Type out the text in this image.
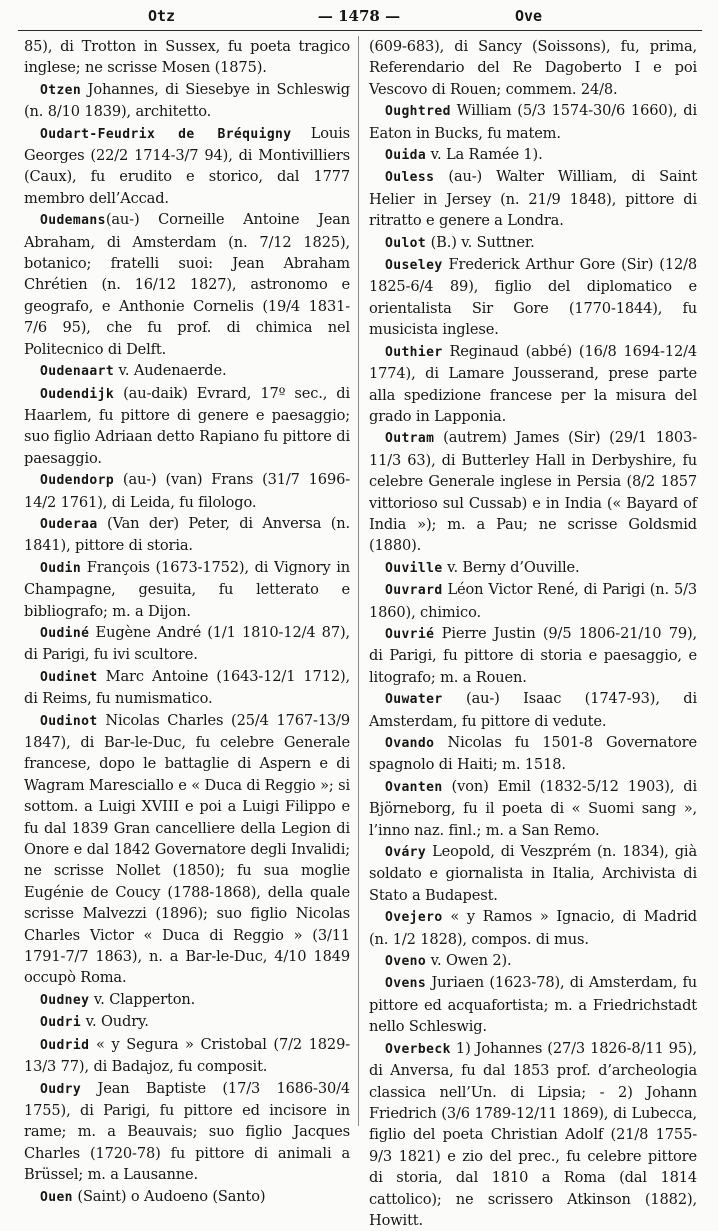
Otz	— 1478 —	Ove

85), di Trotton in Sussex, fu poeta tragico inglese; ne scrisse Mosen (1875).

Otzen Johannes, di Siesebye in Schleswig (n. 8/10 1839), architetto.

Oudart-Feudrix de Bréquigny Louis Georges (22/2 1714-3/7 94), di Montivilliers (Caux), fu erudito e storico, dal 1777 membro dell’Accad.

Oudemans(au-) Corneille Antoine Jean Abraham, di Amsterdam (n. 7/12 1825), botanico; fratelli suoi: Jean Abraham Chrétien (n. 16/12 1827), astronomo e geografo, e Anthonie Cornelis (19/4 1831-7/6 95), che fu prof. di chimica nel Politecnico di Delft.

Oudenaart v. Audenaerde.

Oudendijk (au-daik) Evrard, 17º sec., di Haarlem, fu pittore di genere e paesaggio; suo figlio Adriaan detto Rapiano fu pittore di paesaggio.

Oudendorp (au-) (van) Frans (31/7 1696-14/2 1761), di Leida, fu filologo.

Ouderaa (Van der) Peter, di Anversa (n. 1841), pittore di storia.

Oudin François (1673-1752), di Vignory in Champagne, gesuita, fu letterato e bibliografo; m. a Dijon.

Oudiné Eugène André (1/1 1810-12/4 87), di Parigi, fu ivi scultore.

Oudinet Marc Antoine (1643-12/1 1712), di Reims, fu numismatico.

Oudinot Nicolas Charles (25/4 1767-13/9 1847), di Bar-le-Duc, fu celebre Generale francese, dopo le battaglie di Aspern e di Wagram Maresciallo e « Duca di Reggio »; si sottom. a Luigi XVIII e poi a Luigi Filippo e fu dal 1839 Gran cancelliere della Legion di Onore e dal 1842 Governatore degli Invalidi; ne scrisse Nollet (1850); fu sua moglie Eugénie de Coucy (1788-1868), della quale scrisse Malvezzi (1896); suo figlio Nicolas Charles Victor « Duca di Reggio » (3/11 1791-7/7 1863), n. a Bar-le-Duc, 4/10 1849 occupò Roma.

Oudney v. Clapperton.

Oudri v. Oudry.

Oudrid « y Segura » Cristobal (7/2 1829-13/3 77), di Badajoz, fu composit.

Oudry Jean Baptiste (17/3 1686-30/4 1755), di Parigi, fu pittore ed incisore in rame; m. a Beauvais; suo figlio Jacques Charles (1720-78) fu pittore di animali a Brüssel; m. a Lausanne.

Ouen (Saint) o Audoeno (Santo)

(609-683), di Sancy (Soissons), fu, prima, Referendario del Re Dagoberto I e poi Vescovo di Rouen; commem. 24/8.

Oughtred William (5/3 1574-30/6 1660), di Eaton in Bucks, fu matem.

Ouida v. La Ramée 1).

Ouless (au-) Walter William, di Saint Helier in Jersey (n. 21/9 1848), pittore di ritratto e genere a Londra.

Oulot (B.) v. Suttner.

Ouseley Frederick Arthur Gore (Sir) (12/8 1825-6/4 89), figlio del diplomatico e orientalista Sir Gore (1770-1844), fu musicista inglese.

Outhier Reginaud (abbé) (16/8 1694-12/4 1774), di Lamare Jousserand, prese parte alla spedizione francese per la misura del grado in Lapponia.

Outram (autrem) James (Sir) (29/1 1803-11/3 63), di Butterley Hall in Derbyshire, fu celebre Generale inglese in Persia (8/2 1857 vittorioso sul Cussab) e in India (« Bayard of India »); m. a Pau; ne scrisse Goldsmid (1880).

Ouville v. Berny d’Ouville.

Ouvrard Léon Victor René, di Parigi (n. 5/3 1860), chimico.

Ouvrié Pierre Justin (9/5 1806-21/10 79), di Parigi, fu pittore di storia e paesaggio, e litografo; m. a Rouen.

Ouwater (au-) Isaac (1747-93), di Amsterdam, fu pittore di vedute.

Ovando Nicolas fu 1501-8 Governatore spagnolo di Haiti; m. 1518.

Ovanten (von) Emil (1832-5/12 1903), di Björneborg, fu il poeta di « Suomi sang », l’inno naz. finl.; m. a San Remo.

Ováry Leopold, di Veszprém (n. 1834), già soldato e giornalista in Italia, Archivista di Stato a Budapest.

Ovejero « y Ramos » Ignacio, di Madrid (n. 1/2 1828), compos. di mus.

Oveno v. Owen 2).

Ovens Juriaen (1623-78), di Amsterdam, fu pittore ed acquafortista; m. a Friedrichstadt nello Schleswig.

Overbeck 1) Johannes (27/3 1826-8/11 95), di Anversa, fu dal 1853 prof. d’archeologia classica nell’Un. di Lipsia; - 2) Johann Friedrich (3/6 1789-12/11 1869), di Lubecca, figlio del poeta Christian Adolf (21/8 1755-9/3 1821) e zio del prec., fu celebre pittore di storia, dal 1810 a Roma (dal 1814 cattolico); ne scrissero Atkinson (1882), Howitt.
